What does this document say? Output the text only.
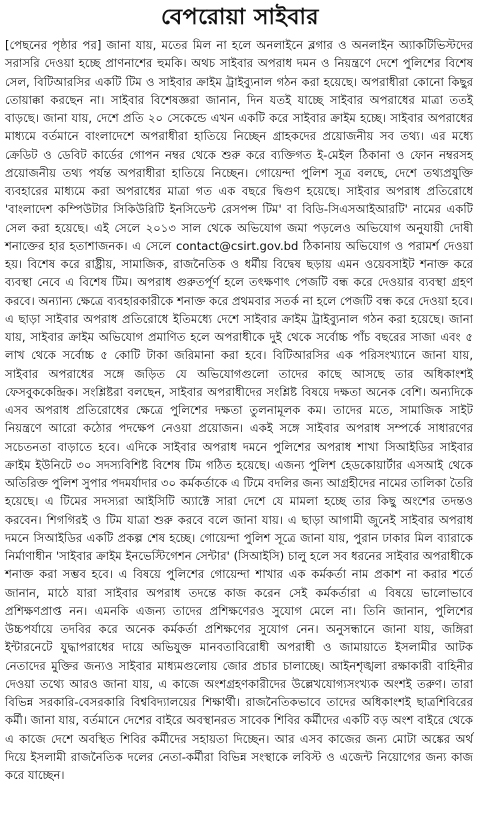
বেপরোয়া সাইবার

[পেছনের পৃষ্ঠার পর] জানা যায়, মতের মিল না হলে অনলাইনে ব্লগার ও অনলাইন অ্যাকটিভিস্টদের সরাসরি দেওয়া হচ্ছে প্রাণনাশের হুমকি। অথচ সাইবার অপরাধ দমন ও নিয়ন্ত্রণে দেশে পুলিশের বিশেষ সেল, বিটিআরসির একটি টিম ও সাইবার ক্রাইম ট্রাইব্যুনাল গঠন করা হয়েছে। অপরাধীরা কোনো কিছুর তোয়াক্কা করছেন না। সাইবার বিশেষজ্ঞরা জানান, দিন যতই যাচ্ছে সাইবার অপরাধের মাত্রা ততই বাড়ছে। জানা যায়, দেশে প্রতি ২০ সেকেন্ডে এখন একটি করে সাইবার ক্রাইম হচ্ছে। সাইবার অপরাধের মাধ্যমে বর্তমানে বাংলাদেশে অপরাধীরা হাতিয়ে নিচ্ছেন গ্রাহকদের প্রয়োজনীয় সব তথ্য। এর মধ্যে ক্রেডিট ও ডেবিট কার্ডের গোপন নম্বর থেকে শুরু করে ব্যক্তিগত ই-মেইল ঠিকানা ও ফোন নম্বরসহ প্রয়োজনীয় তথ্য পর্যন্ত অপরাধীরা হাতিয়ে নিচ্ছেন। গোয়েন্দা পুলিশ সূত্র বলছে, দেশে তথ্যপ্রযুক্তি ব্যবহারের মাধ্যমে করা অপরাধের মাত্রা গত এক বছরে দ্বিগুণ হয়েছে। সাইবার অপরাধ প্রতিরোধে 'বাংলাদেশ কম্পিউটার সিকিউরিটি ইনসিডেন্ট রেসপন্স টিম' বা বিডি-সিএসআইআরটি' নামের একটি সেল করা হয়েছে। এই সেলে ২০১৩ সাল থেকে অভিযোগ জমা পড়লেও অভিযোগ অনুযায়ী দোষী শনাক্তের হার হতাশাজনক। এ সেলে contact@csirt.gov.bd ঠিকানায় অভিযোগ ও পরামর্শ দেওয়া হয়। বিশেষ করে রাষ্ট্রীয়, সামাজিক, রাজনৈতিক ও ধর্মীয় বিদ্বেষ ছড়ায় এমন ওয়েবসাইট শনাক্ত করে ব্যবস্থা নেবে এ বিশেষ টিম। অপরাধ গুরুতর্পূর্ণ হলে তৎক্ষণাৎ পেজটি বন্ধ করে দেওয়ার ব্যবস্থা গ্রহণ করবে। অন্যান্য ক্ষেত্রে ব্যবহারকারীকে শনাক্ত করে প্রথমবার সতর্ক না হলে পেজটি বন্ধ করে দেওয়া হবে। এ ছাড়া সাইবার অপরাধ প্রতিরোধে ইতিমধ্যে দেশে সাইবার ক্রাইম ট্রাইব্যুনাল গঠন করা হয়েছে। জানা যায়, সাইবার ক্রাইম অভিযোগ প্রমাণিত হলে অপরাধীকে দুই থেকে সর্বোচ্চ পাঁচ বছরের সাজা এবং ৫ লাখ থেকে সর্বোচ্চ ৫ কোটি টাকা জরিমানা করা হবে। বিটিআরসির এক পরিসংখ্যানে জানা যায়, সাইবার অপরাধের সঙ্গে জড়িত যে অভিযোগগুলো তাদের কাছে আসছে তার অধিকাংশই ফেসবুককেন্দ্রিক। সংশ্লিষ্টরা বলছেন, সাইবার অপরাধীদের সংশ্লিষ্ট বিষয়ে দক্ষতা অনেক বেশি। অন্যদিকে এসব অপরাধ প্রতিরোধের ক্ষেত্রে পুলিশের দক্ষতা তুলনামূলক কম। তাদের মতে, সামাজিক সাইট নিয়ন্ত্রণে আরো কঠোর পদক্ষেপ নেওয়া প্রয়োজন। একই সঙ্গে সাইবার অপরাধ সম্পর্কে সাধারণের সচেতনতা বাড়াতে হবে। এদিকে সাইবার অপরাধ দমনে পুলিশের অপরাধ শাখা সিআইডির সাইবার ক্রাইম ইউনিটে ৩০ সদস্যবিশিষ্ট বিশেষ টিম গঠিত হয়েছে। এজন্য পুলিশ হেডকোয়ার্টার এসআই থেকে অতিরিক্ত পুলিশ সুপার পদমর্যাদার ৩০ কর্মকর্তাকে এ টিমে বদলির জন্য আগ্রহীদের নামের তালিকা তৈরি হয়েছে। এ টিমের সদস্যরা আইসিটি অ্যাক্টে সারা দেশে যে মামলা হচ্ছে তার কিছু অংশের তদন্তও করবেন। শিগগিরই ও টিম যাত্রা শুরু করবে বলে জানা যায়। এ ছাড়া আগামী জুনেই সাইবার অপরাধ দমনে সিআইডির একটি প্রকল্প শেষ হচ্ছে। গোয়েন্দা পুলিশ সূত্রে জানা যায়, পুরান ঢাকার মিল ব্যারাকে নির্মাণাধীন 'সাইবার ক্রাইম ইনভেস্টিগেশন সেন্টার' (সিআইসি) চালু হলে সব ধরনের সাইবার অপরাধীকে শনাক্ত করা সম্ভব হবে। এ বিষয়ে পুলিশের গোয়েন্দা শাখার এক কর্মকর্তা নাম প্রকাশ না করার শর্তে জানান, মাঠে যারা সাইবার অপরাধ তদন্তে কাজ করেন সেই কর্মকর্তারা এ বিষয়ে ভালোভাবে প্রশিক্ষণপ্রাপ্ত নন। এমনকি এজন্য তাদের প্রশিক্ষণেরও সুযোগ মেলে না। তিনি জানান, পুলিশের উচ্চপর্যায়ে তদবির করে অনেক কর্মকর্তা প্রশিক্ষণের সুযোগ নেন। অনুসন্ধানে জানা যায়, জঙ্গিরা ইন্টারনেটে যুদ্ধাপরাধের দায়ে অভিযুক্ত মানবতাবিরোধী অপরাধী ও জামায়াতে ইসলামীর আটক নেতাদের মুক্তির জন্যও সাইবার মাধ্যমগুলোয় জোর প্রচার চালাচ্ছে। আইনশৃঙ্খলা রক্ষাকারী বাহিনীর দেওয়া তথ্যে আরও জানা যায়, এ কাজে অংশগ্রহণকারীদের উল্লেখযোগ্যসংখ্যক অংশই তরুণ। তারা বিভিন্ন সরকারি-বেসরকারি বিশ্ববিদ্যালয়ের শিক্ষার্থী। রাজনৈতিকভাবে তাদের অধিকাংশই ছাত্রশিবিরের কর্মী। জানা যায়, বর্তমানে দেশের বাইরে অবস্থানরত সাবেক শিবির কর্মীদের একটি বড় অংশ বাইরে থেকে এ কাজে দেশে অবস্থিত শিবির কর্মীদের সহায়তা দিচ্ছেন। আর এসব কাজের জন্য মোটা অঙ্কের অর্থ দিয়ে ইসলামী রাজনৈতিক দলের নেতা-কর্মীরা বিভিন্ন সংস্থাকে লবিস্ট ও এজেন্ট নিয়োগের জন্য কাজ করে যাচ্ছেন।
